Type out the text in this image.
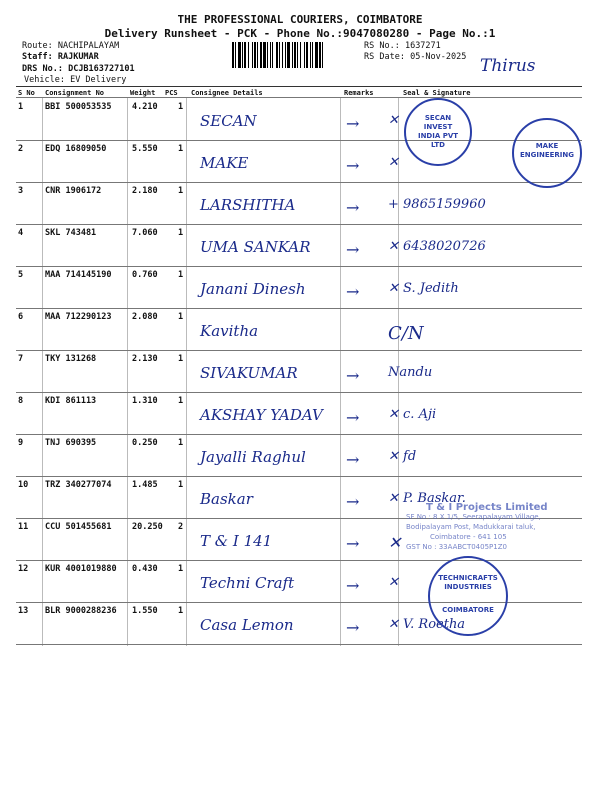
THE PROFESSIONAL COURIERS, COIMBATORE
Delivery Runsheet - PCK - Phone No.:9047080280 - Page No.:1
Route: NACHIPALAYAM
Staff: RAJKUMAR
DRS No.: DCJB163727101
Vehicle: EV Delivery
RS No.: 1637271
RS Date: 05-Nov-2025 Thirus
S No Consignment No	Weight PCS Consignee Details	Remarks	Seal & Signature
1	BBI 500053535 4.210 1
SECAN	→ ✕
2	EDQ 16809050	5.550 1
MAKE	→ ✕
3	CNR 1906172	2.180 1
LARSHITHA	→ + 9865159960
4	SKL 743481	7.060 1
UMA SANKAR → ✕ 6438020726
5	MAA 714145190 0.760 1
Janani Dinesh	→ ✕ S. Jedith
6	MAA 712290123 2.080 1
Kavitha	C/N
7	TKY 131268	2.130 1
SIVAKUMAR	→ Nandu
8	KDI 861113	1.310 1
AKSHAY YADAV → ✕ c. Aji
9	TNJ 690395	0.250 1
Jayalli Raghul	→ ✕ fd
10 TRZ 340277074 1.485 1
Baskar	→ ✕ P. Baskar.
11 CCU 501455681 20.250 2
T & I 141	→ ✕
12 KUR 4001019880 0.430 1
Techni Craft	→ ✕
13 BLR 9000288236 1.550 1
Casa Lemon	→ ✕ V. Roetha
SECAN INVEST INDIA PVT LTD	MAKE ENGINEERING
T & I Projects Limited
SF No : 8 X 1/5, Seerapalayam Village,
Bodipalayam Post, Madukkarai taluk,
Coimbatore - 641 105
GST No : 33AABCT0405P1Z0
TECHNICRAFTS INDUSTRIES
COIMBATORE
